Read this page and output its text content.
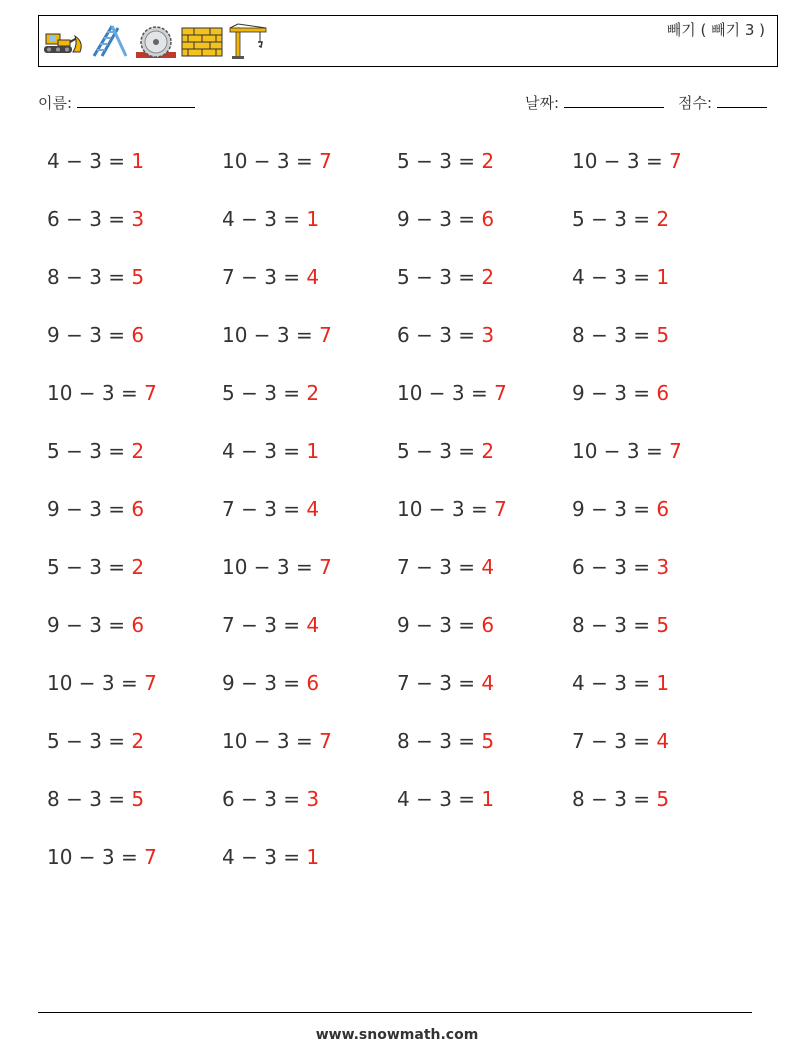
빼기 ( 빼기 3 )
이름:	날짜:	점수:
4 − 3 = 1	10 − 3 = 7	5 − 3 = 2	10 − 3 = 7
6 − 3 = 3	4 − 3 = 1	9 − 3 = 6	5 − 3 = 2
8 − 3 = 5	7 − 3 = 4	5 − 3 = 2	4 − 3 = 1
9 − 3 = 6	10 − 3 = 7	6 − 3 = 3	8 − 3 = 5
10 − 3 = 7	5 − 3 = 2	10 − 3 = 7	9 − 3 = 6
5 − 3 = 2	4 − 3 = 1	5 − 3 = 2	10 − 3 = 7
9 − 3 = 6	7 − 3 = 4	10 − 3 = 7	9 − 3 = 6
5 − 3 = 2	10 − 3 = 7	7 − 3 = 4	6 − 3 = 3
9 − 3 = 6	7 − 3 = 4	9 − 3 = 6	8 − 3 = 5
10 − 3 = 7	9 − 3 = 6	7 − 3 = 4	4 − 3 = 1
5 − 3 = 2	10 − 3 = 7	8 − 3 = 5	7 − 3 = 4
8 − 3 = 5	6 − 3 = 3	4 − 3 = 1	8 − 3 = 5
10 − 3 = 7	4 − 3 = 1
www.snowmath.com
